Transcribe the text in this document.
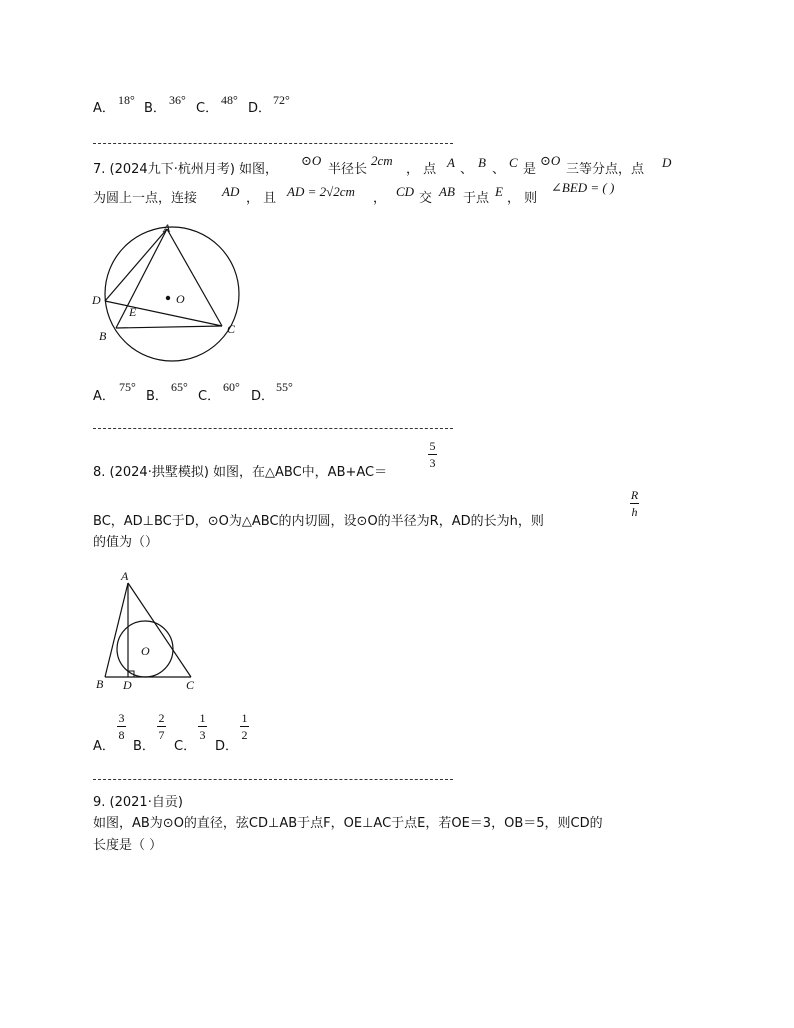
A．
18°
B．
36°
C．
48°
D．
72°
7. (2024九下·杭州月考) 如图，
⊙O
半径长
2cm
， 点 A 、 B 、 C 是
⊙O
三等分点，点 D
为圆上一点，连接 AD ， 且 AD = 2√2cm ， CD 交 AB 于点 E ， 则
∠BED = ( )
A
D
E
O
B	C
A
O
B D	C
A．
75°
B．
65°
C．
60°
D．
55°
8. (2024·拱墅模拟) 如图，在△ABC中，AB+AC＝
5
3
BC，AD⊥BC于D，⊙O为△ABC的内切圆，设⊙O的半径为R，AD的长为h，则
R
h
的值为（）
A．
3
8
B．
2
7
C．
1
3
D．
1
2
9. (2021·自贡)
如图，AB为⊙O的直径，弦CD⊥AB于点F，OE⊥AC于点E，若OE＝3，OB＝5，则CD的
长度是（ ）
